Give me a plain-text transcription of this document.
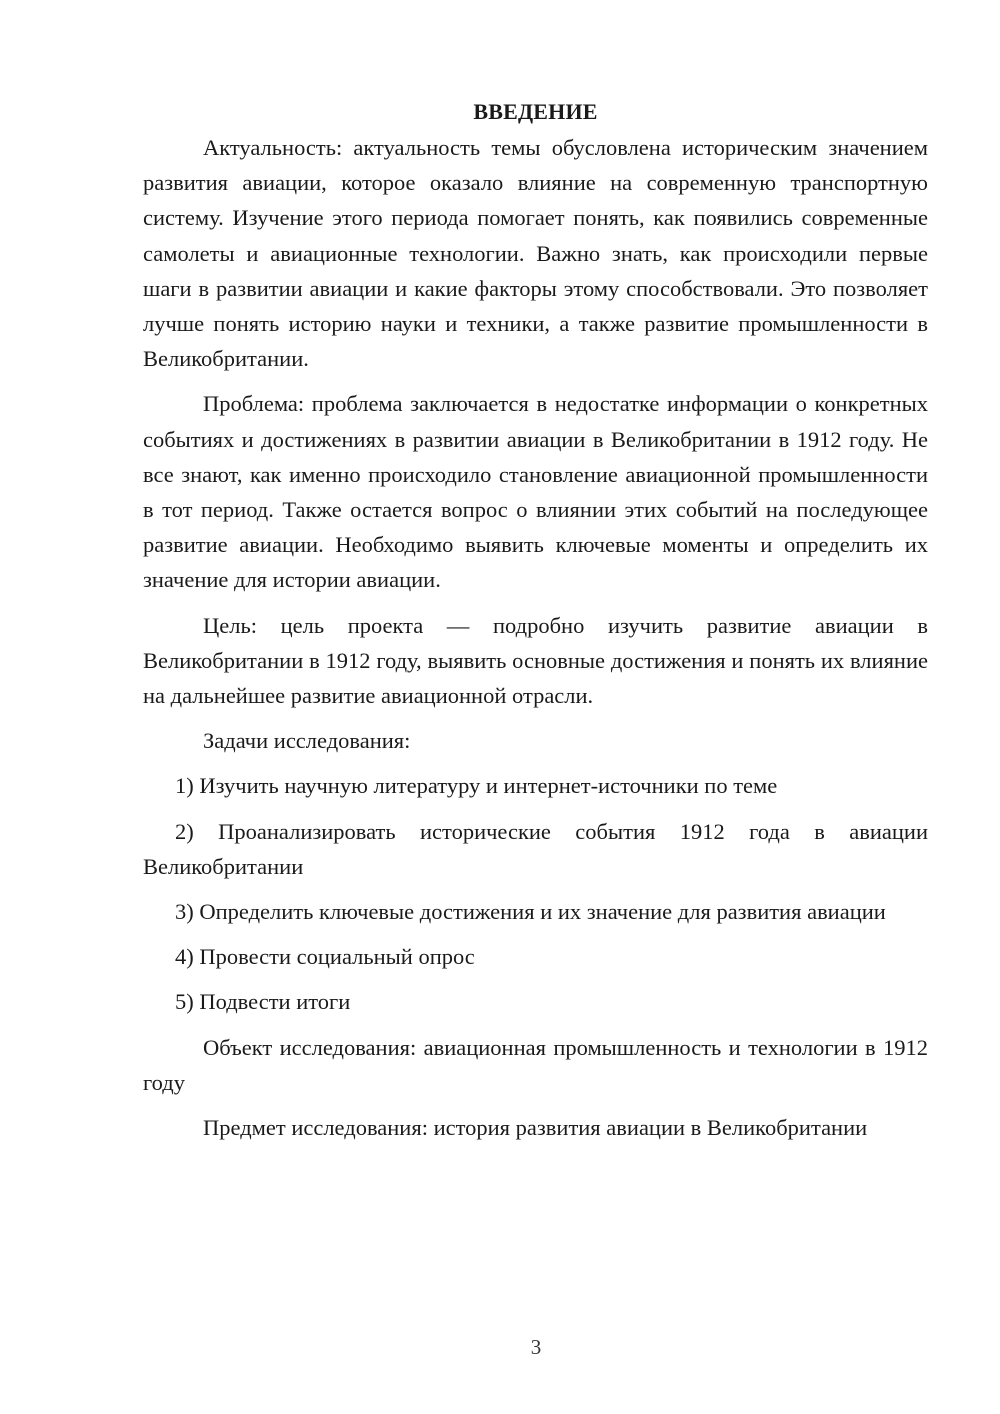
ВВЕДЕНИЕ

Актуальность: актуальность темы обусловлена историческим значением развития авиации, которое оказало влияние на современную транспортную систему. Изучение этого периода помогает понять, как появились современные самолеты и авиационные технологии. Важно знать, как происходили первые шаги в развитии авиации и какие факторы этому способствовали. Это позволяет лучше понять историю науки и техники, а также развитие промышленности в Великобритании.

Проблема: проблема заключается в недостатке информации о конкретных событиях и достижениях в развитии авиации в Великобритании в 1912 году. Не все знают, как именно происходило становление авиационной промышленности в тот период. Также остается вопрос о влиянии этих событий на последующее развитие авиации. Необходимо выявить ключевые моменты и определить их значение для истории авиации.

Цель: цель проекта — подробно изучить развитие авиации в Великобритании в 1912 году, выявить основные достижения и понять их влияние на дальнейшее развитие авиационной отрасли.

Задачи исследования:

1) Изучить научную литературу и интернет-источники по теме

2) Проанализировать исторические события 1912 года в авиации Великобритании

3) Определить ключевые достижения и их значение для развития авиации

4) Провести социальный опрос

5) Подвести итоги

Объект исследования: авиационная промышленность и технологии в 1912 году

Предмет исследования: история развития авиации в Великобритании

3
